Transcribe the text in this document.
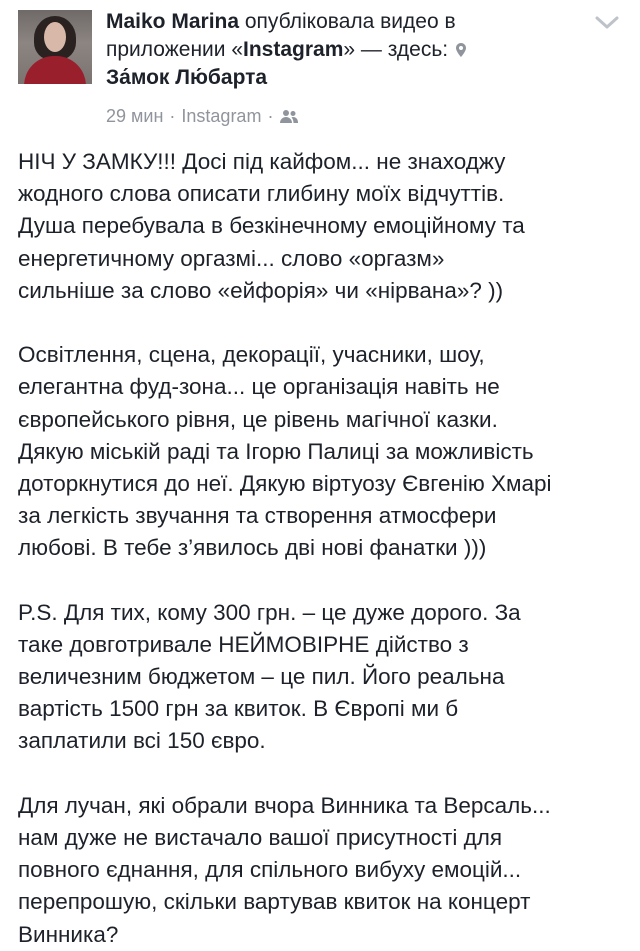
Maiko Marina опублiковала видео в приложении «Instagram» — здесь:
За́мок Лю́барта
29 мин · Instagram ·
НІЧ У ЗАМКУ!!! Досі під кайфом... не знаходжу
жодного слова описати глибину моїх відчуттів.
Душа перебувала в безкінечному емоційному та
енергетичному оргазмі... слово «оргазм»
сильніше за слово «ейфорія» чи «нірвана»? ))
Освітлення, сцена, декорації, учасники, шоу,
елегантна фуд-зона... це організація навіть не
європейського рівня, це рівень магічної казки.
Дякую міській раді та Ігорю Палиці за можливість
доторкнутися до неї. Дякую віртуозу Євгенію Хмарі
за легкість звучання та створення атмосфери
любові. В тебе з’явилось дві нові фанатки )))
P.S. Для тих, кому 300 грн. – це дуже дорого. За
таке довготривале НЕЙМОВІРНЕ дійство з
величезним бюджетом – це пил. Його реальна
вартість 1500 грн за квиток. В Європі ми б
заплатили всі 150 євро.
Для лучан, які обрали вчора Винника та Версаль...
нам дуже не вистачало вашої присутності для
повного єднання, для спільного вибуху емоцій...
перепрошую, скільки вартував квиток на концерт
Винника?
